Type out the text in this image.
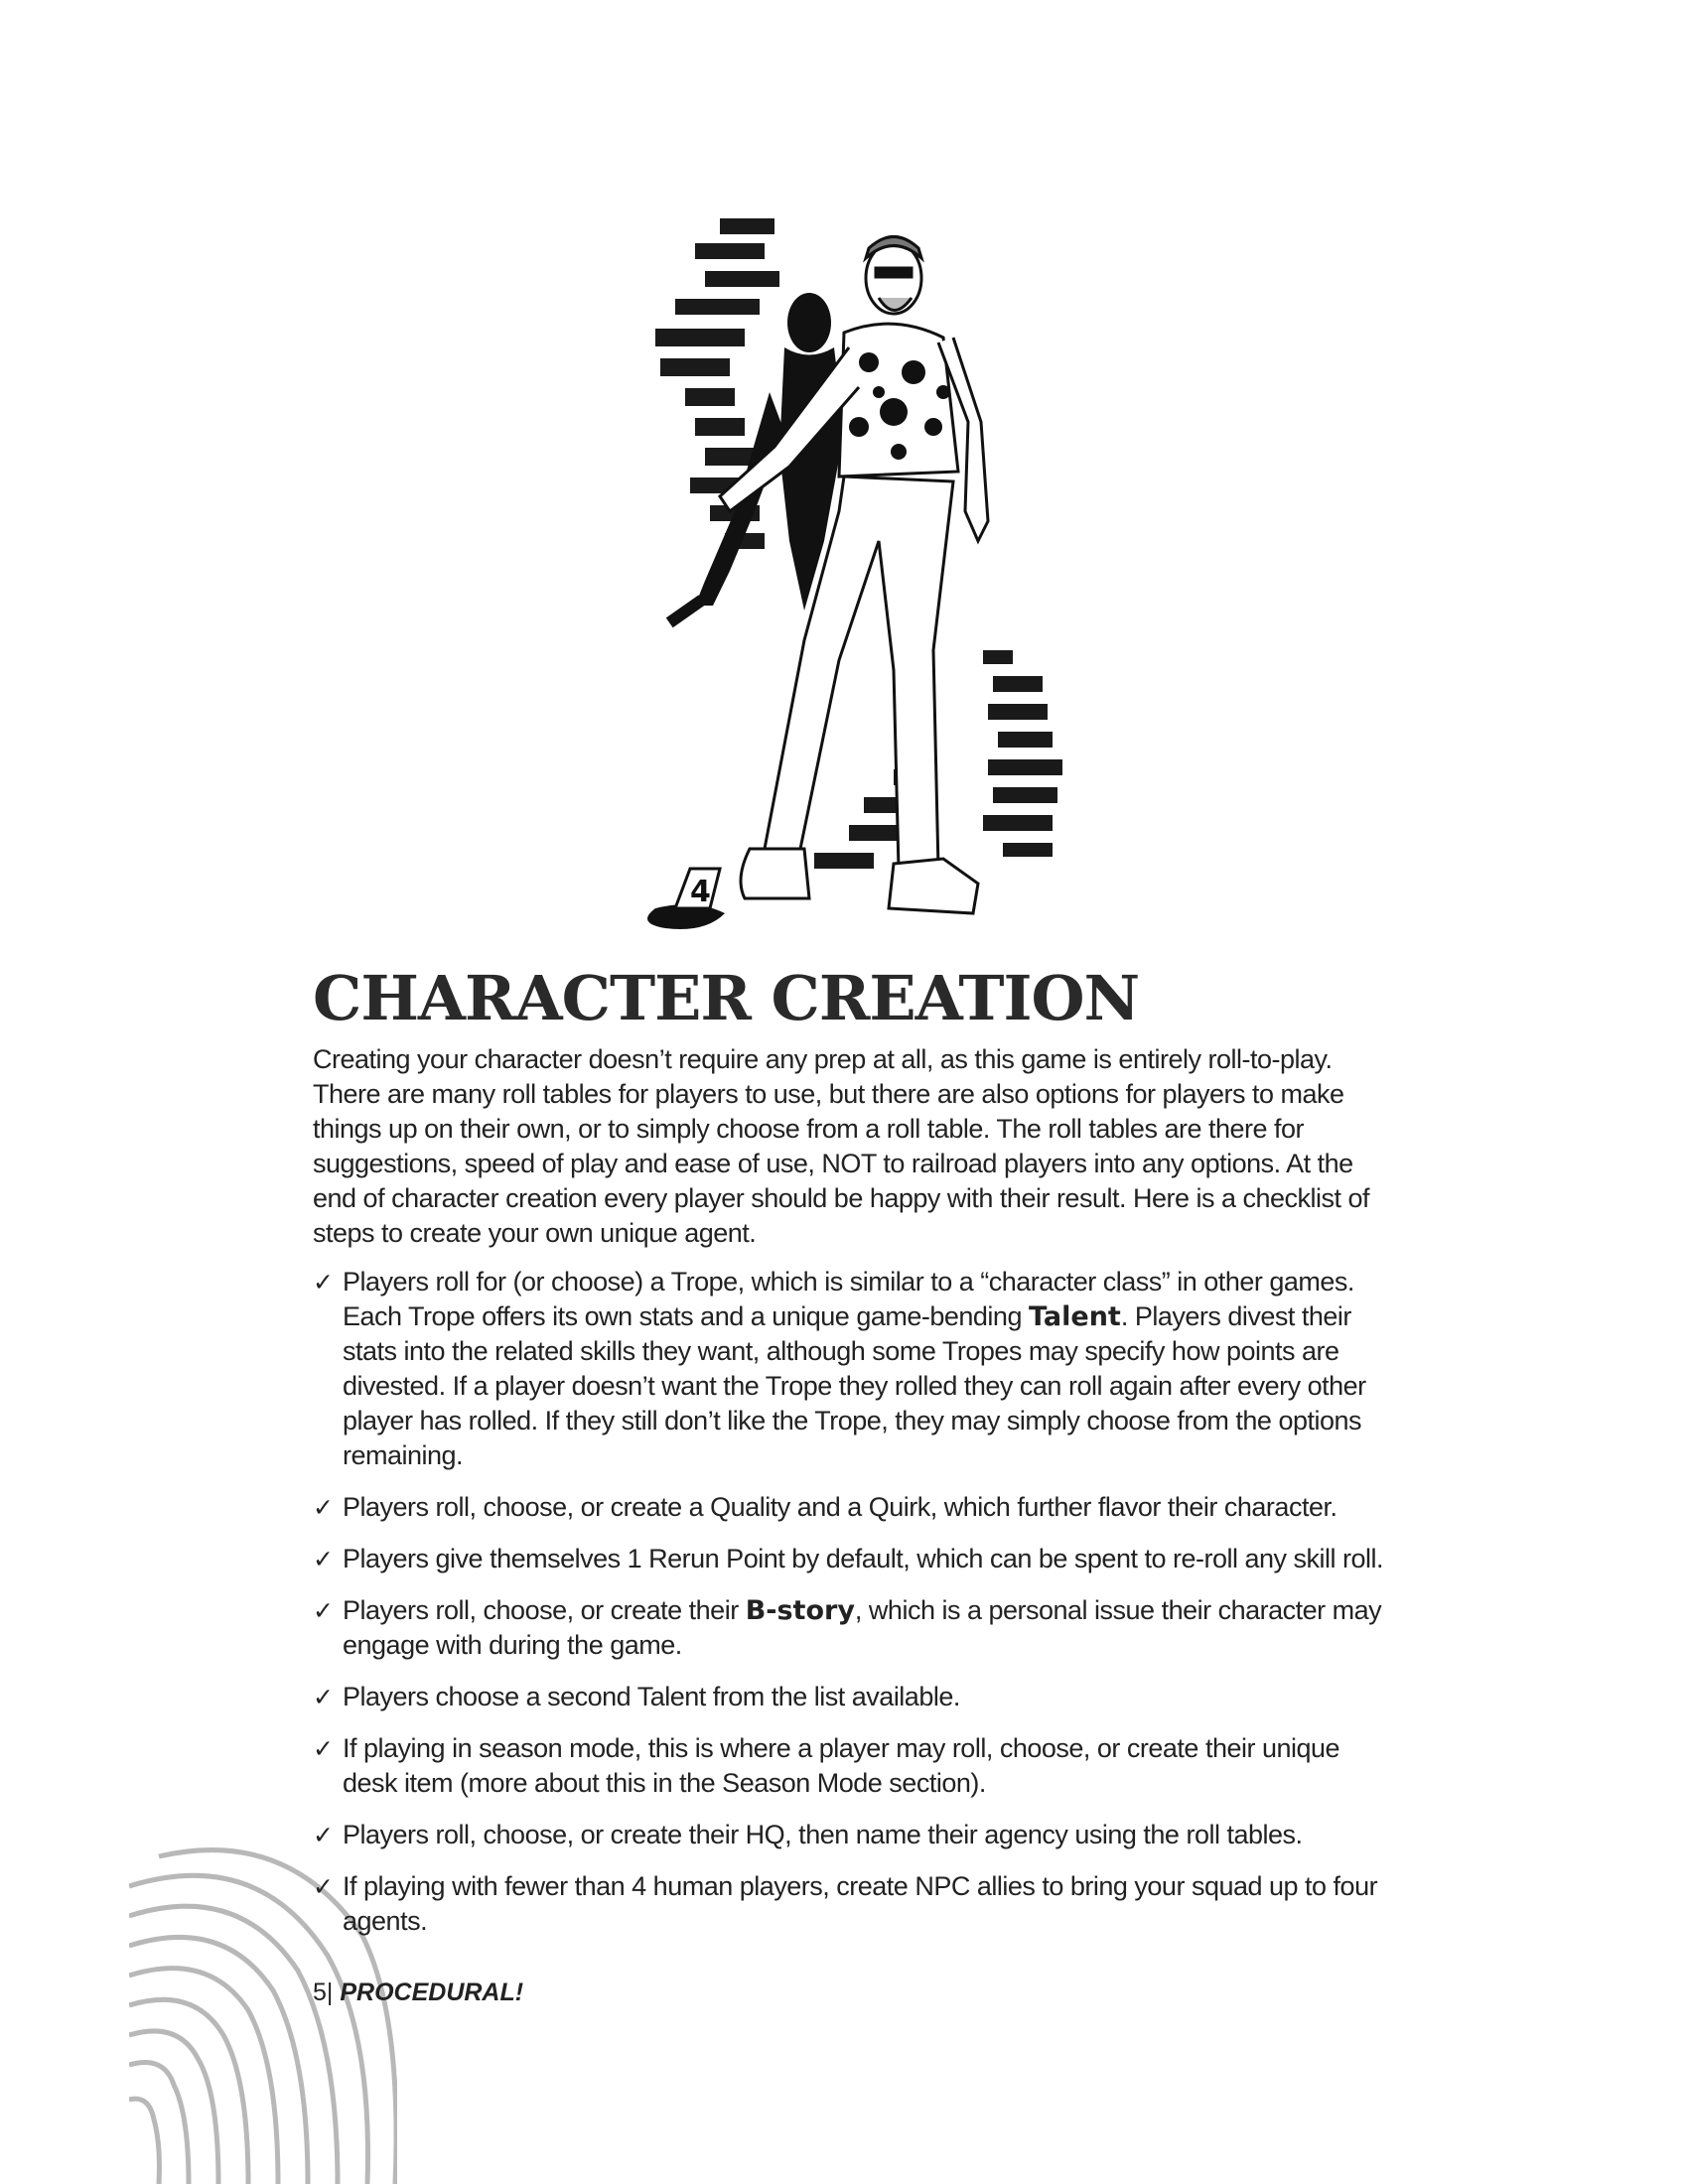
4
CHARACTER CREATION

Creating your character doesn’t require any prep at all, as this game is entirely roll-to-play. There are many roll tables for players to use, but there are also options for players to make things up on their own, or to simply choose from a roll table. The roll tables are there for suggestions, speed of play and ease of use, NOT to railroad players into any options. At the end of character creation every player should be happy with their result. Here is a checklist of steps to create your own unique agent.

✓ Players roll for (or choose) a Trope, which is similar to a “character class” in other games. Each Trope offers its own stats and a unique game-bending Talent. Players divest their stats into the related skills they want, although some Tropes may specify how points are divested. If a player doesn’t want the Trope they rolled they can roll again after every other player has rolled. If they still don’t like the Trope, they may simply choose from the options remaining.
✓ Players roll, choose, or create a Quality and a Quirk, which further flavor their character.
✓ Players give themselves 1 Rerun Point by default, which can be spent to re-roll any skill roll.
✓ Players roll, choose, or create their B-story, which is a personal issue their character may engage with during the game.
✓ Players choose a second Talent from the list available.
✓ If playing in season mode, this is where a player may roll, choose, or create their unique desk item (more about this in the Season Mode section).
✓ Players roll, choose, or create their HQ, then name their agency using the roll tables.
✓ If playing with fewer than 4 human players, create NPC allies to bring your squad up to four agents.
5| PROCEDURAL!
